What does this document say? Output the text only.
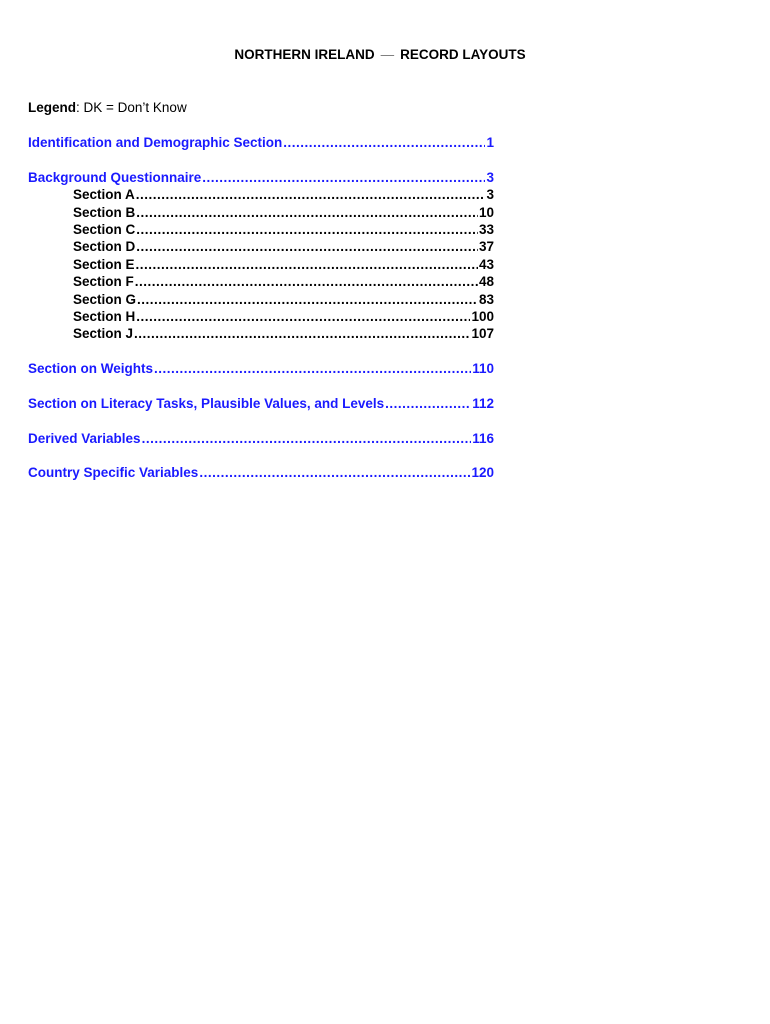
NORTHERN IRELAND — RECORD LAYOUTS
Legend: DK = Don’t Know
Identification and Demographic Section .....	1
Background Questionnaire .....	3
Section A .....	3
Section B .....	10
Section C .....	33
Section D .....	37
Section E .....	43
Section F .....	48
Section G .....	83
Section H .....	100
Section J .....	107
Section on Weights .....	110
Section on Literacy Tasks, Plausible Values, and Levels .....	112
Derived Variables .....	116
Country Specific Variables .....	120
